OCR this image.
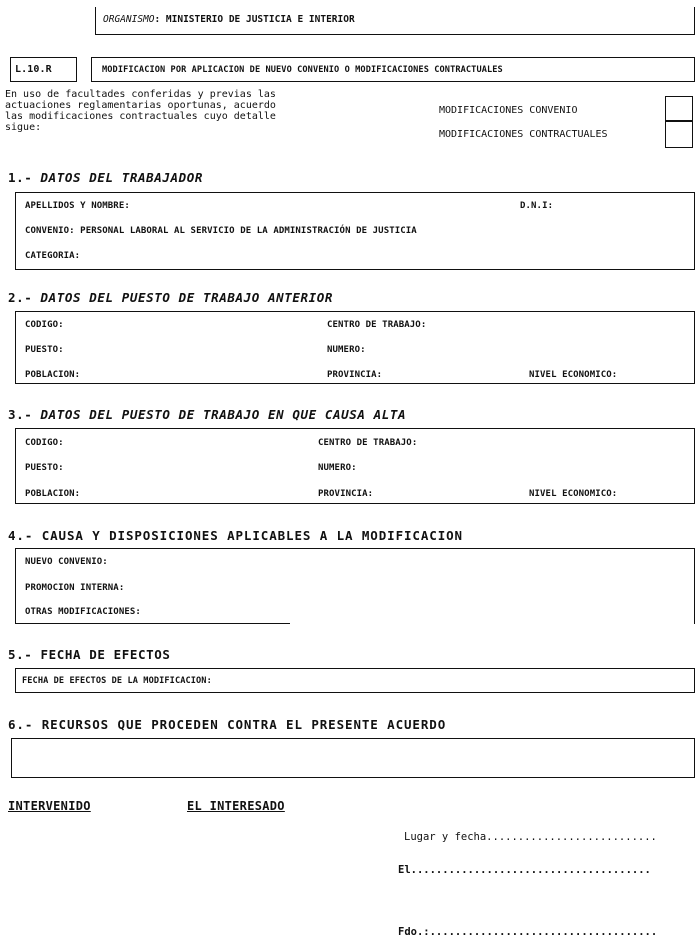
ORGANISMO: MINISTERIO DE JUSTICIA E INTERIOR
L.10.R	MODIFICACION POR APLICACION DE NUEVO CONVENIO O MODIFICACIONES CONTRACTUALES
En uso de facultades conferidas y previas las
actuaciones reglamentarias oportunas, acuerdo
las modificaciones contractuales cuyo detalle
sigue:
MODIFICACIONES CONVENIO
MODIFICACIONES CONTRACTUALES
1.- DATOS DEL TRABAJADOR
APELLIDOS Y NOMBRE:	D.N.I:
CONVENIO: PERSONAL LABORAL AL SERVICIO DE LA ADMINISTRACIÓN DE JUSTICIA
CATEGORIA:
2.- DATOS DEL PUESTO DE TRABAJO ANTERIOR
CODIGO:	CENTRO DE TRABAJO:
PUESTO:	NUMERO:
POBLACION:	PROVINCIA:	NIVEL ECONOMICO:
3.- DATOS DEL PUESTO DE TRABAJO EN QUE CAUSA ALTA
CODIGO:	CENTRO DE TRABAJO:
PUESTO:	NUMERO:
POBLACION:	PROVINCIA:	NIVEL ECONOMICO:
4.- CAUSA Y DISPOSICIONES APLICABLES A LA MODIFICACION
NUEVO CONVENIO:
PROMOCION INTERNA:
OTRAS MODIFICACIONES:
5.- FECHA DE EFECTOS
FECHA DE EFECTOS DE LA MODIFICACION:
6.- RECURSOS QUE PROCEDEN CONTRA EL PRESENTE ACUERDO
INTERVENIDO	EL INTERESADO
Lugar y fecha...........................
El......................................
Fdo.:....................................
